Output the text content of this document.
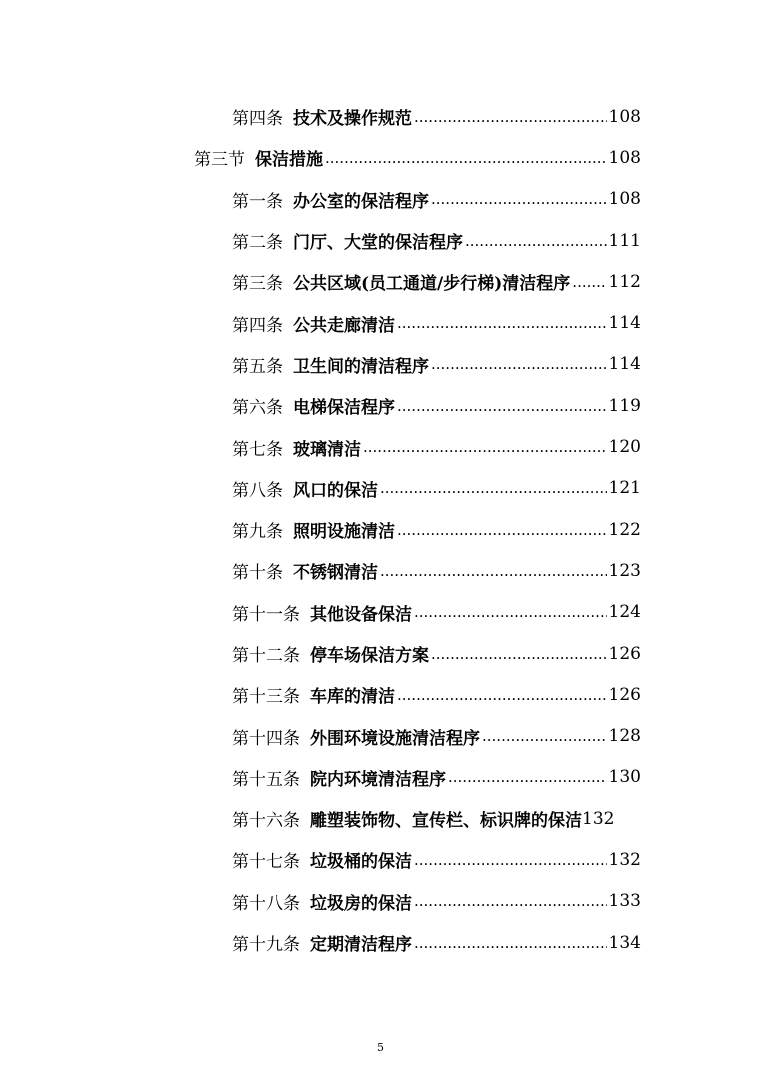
第四条 技术及操作规范 .....	108
第三节 保洁措施 .....	108
第一条 办公室的保洁程序 .....	108
第二条 门厅、大堂的保洁程序 .....	111
第三条 公共区域(员工通道/步行梯)清洁程序 ..... 112
第四条 公共走廊清洁 .....	114
第五条 卫生间的清洁程序 .....	114
第六条 电梯保洁程序 .....	119
第七条 玻璃清洁 .....	120
第八条 风口的保洁 .....	121
第九条 照明设施清洁 .....	122
第十条 不锈钢清洁 .....	123
第十一条 其他设备保洁 .....	124
第十二条 停车场保洁方案 .....	126
第十三条 车库的清洁 .....	126
第十四条 外围环境设施清洁程序 .....	128
第十五条 院内环境清洁程序 .....	130
第十六条 雕塑装饰物、宣传栏、标识牌的保洁 132
第十七条 垃圾桶的保洁 .....	132
第十八条 垃圾房的保洁 .....	133
第十九条 定期清洁程序 .....	134
5
